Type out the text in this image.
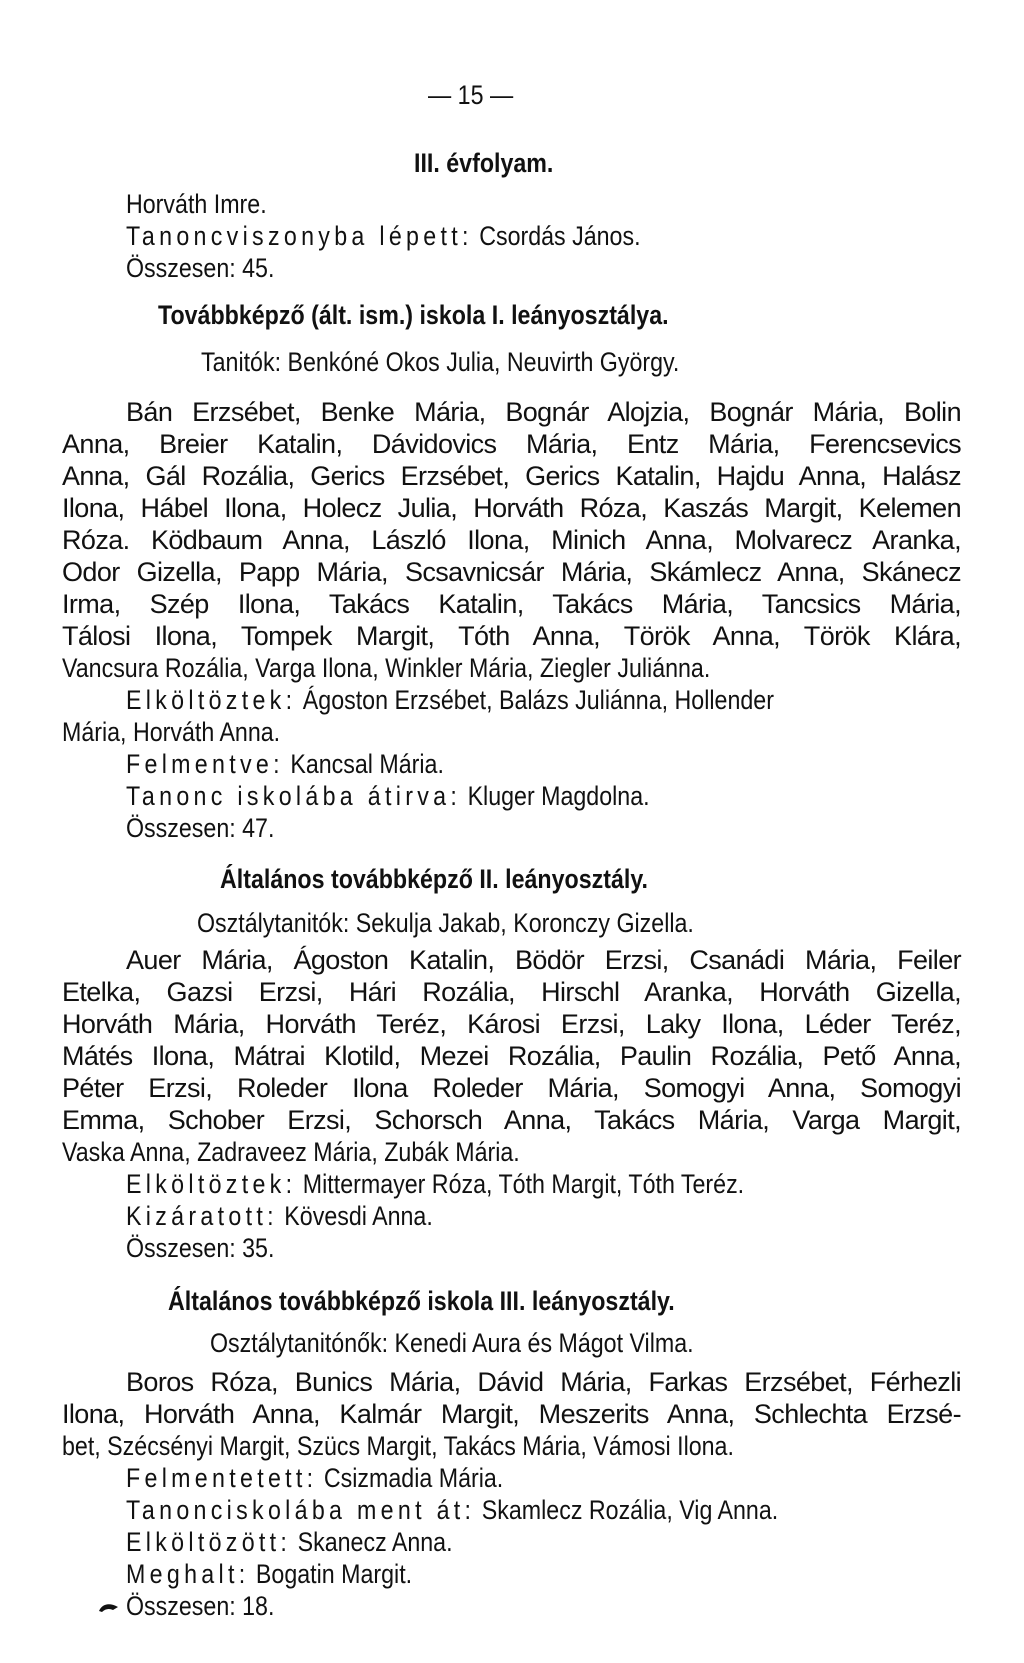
— 15 —
III. évfolyam.
Horváth Imre.
Tanoncviszonyba lépett: Csordás János.
Összesen: 45.
Továbbképző (ált. ism.) iskola I. leányosztálya.
Tanitók: Benkóné Okos Julia, Neuvirth György.
Bán Erzsébet, Benke Mária, Bognár Alojzia, Bognár Mária, Bolin
Anna, Breier Katalin, Dávidovics Mária, Entz Mária, Ferencsevics
Anna, Gál Rozália, Gerics Erzsébet, Gerics Katalin, Hajdu Anna, Halász
Ilona, Hábel Ilona, Holecz Julia, Horváth Róza, Kaszás Margit, Kelemen
Róza. Ködbaum Anna, László Ilona, Minich Anna, Molvarecz Aranka,
Odor Gizella, Papp Mária, Scsavnicsár Mária, Skámlecz Anna, Skánecz
Irma, Szép Ilona, Takács Katalin, Takács Mária, Tancsics Mária,
Tálosi Ilona, Tompek Margit, Tóth Anna, Török Anna, Török Klára,
Vancsura Rozália, Varga Ilona, Winkler Mária, Ziegler Juliánna.
Elköltöztek: Ágoston Erzsébet, Balázs Juliánna, Hollender
Mária, Horváth Anna.
Felmentve: Kancsal Mária.
Tanonc iskolába átirva: Kluger Magdolna.
Összesen: 47.
Általános továbbképző II. leányosztály.
Osztálytanitók: Sekulja Jakab, Koronczy Gizella.
Auer Mária, Ágoston Katalin, Bödör Erzsi, Csanádi Mária, Feiler
Etelka, Gazsi Erzsi, Hári Rozália, Hirschl Aranka, Horváth Gizella,
Horváth Mária, Horváth Teréz, Károsi Erzsi, Laky Ilona, Léder Teréz,
Mátés Ilona, Mátrai Klotild, Mezei Rozália, Paulin Rozália, Pető Anna,
Péter Erzsi, Roleder Ilona Roleder Mária, Somogyi Anna, Somogyi
Emma, Schober Erzsi, Schorsch Anna, Takács Mária, Varga Margit,
Vaska Anna, Zadraveez Mária, Zubák Mária.
Elköltöztek: Mittermayer Róza, Tóth Margit, Tóth Teréz.
Kizáratott: Kövesdi Anna.
Összesen: 35.
Általános továbbképző iskola III. leányosztály.
Osztálytanitónők: Kenedi Aura és Mágot Vilma.
Boros Róza, Bunics Mária, Dávid Mária, Farkas Erzsébet, Férhezli
Ilona, Horváth Anna, Kalmár Margit, Meszerits Anna, Schlechta Erzsé-
bet, Szécsényi Margit, Szücs Margit, Takács Mária, Vámosi Ilona.
Felmentetett: Csizmadia Mária.
Tanonciskolába ment át: Skamlecz Rozália, Vig Anna.
Elköltözött: Skanecz Anna.
Meghalt: Bogatin Margit.
Összesen: 18.
